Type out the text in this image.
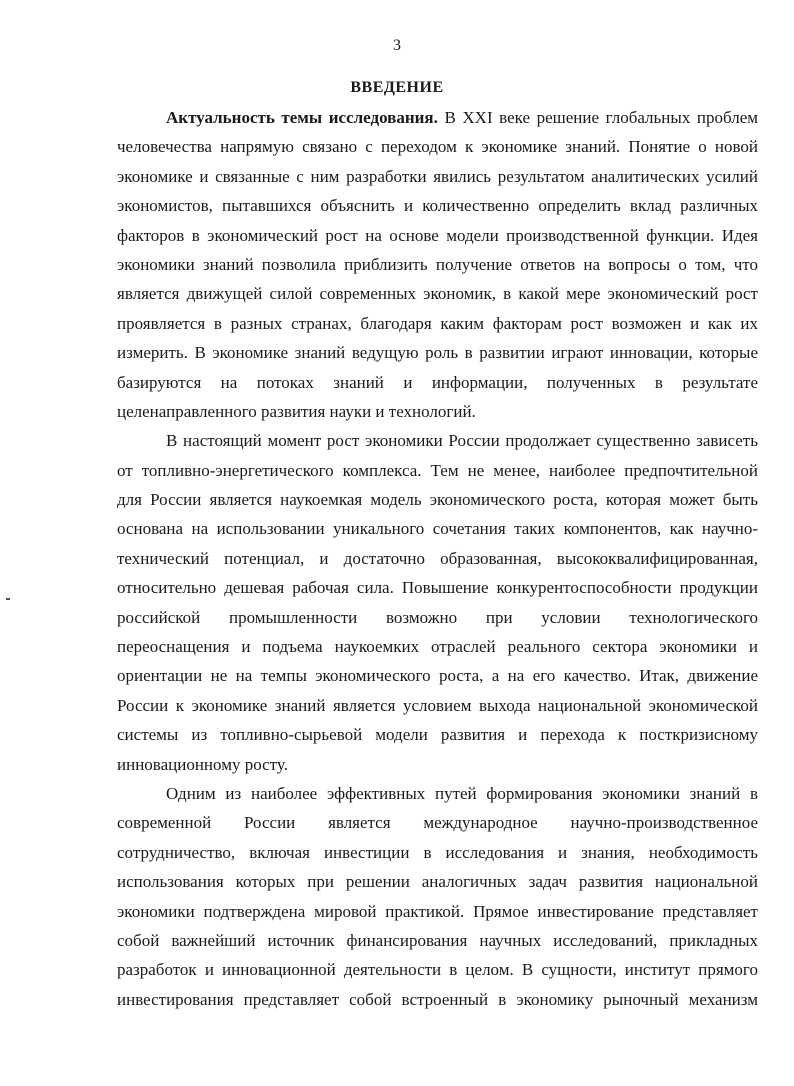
3
ВВЕДЕНИЕ

Актуальность темы исследования. В XXI веке решение глобальных проблем
человечества напрямую связано с переходом к экономике знаний. Понятие о новой
экономике и связанные с ним разработки явились результатом аналитических усилий
экономистов, пытавшихся объяснить и количественно определить вклад различных
факторов в экономический рост на основе модели производственной функции. Идея
экономики знаний позволила приблизить получение ответов на вопросы о том, что
является движущей силой современных экономик, в какой мере экономический рост
проявляется в разных странах, благодаря каким факторам рост возможен и как их
измерить. В экономике знаний ведущую роль в развитии играют инновации, которые
базируются на потоках знаний и информации, полученных в результате
целенаправленного развития науки и технологий.

В настоящий момент рост экономики России продолжает существенно зависеть
от топливно-энергетического комплекса. Тем не менее, наиболее предпочтительной
для России является наукоемкая модель экономического роста, которая может быть
основана на использовании уникального сочетания таких компонентов, как научно-
технический потенциал, и достаточно образованная, высококвалифицированная,
относительно дешевая рабочая сила. Повышение конкурентоспособности продукции
российской промышленности возможно при условии технологического
переоснащения и подъема наукоемких отраслей реального сектора экономики и
ориентации не на темпы экономического роста, а на его качество. Итак, движение
России к экономике знаний является условием выхода национальной экономической
системы из топливно-сырьевой модели развития и перехода к посткризисному
инновационному росту.

Одним из наиболее эффективных путей формирования экономики знаний в
современной России является международное научно-производственное
сотрудничество, включая инвестиции в исследования и знания, необходимость
использования которых при решении аналогичных задач развития национальной
экономики подтверждена мировой практикой. Прямое инвестирование представляет
собой важнейший источник финансирования научных исследований, прикладных
разработок и инновационной деятельности в целом. В сущности, институт прямого
инвестирования представляет собой встроенный в экономику рыночный механизм
